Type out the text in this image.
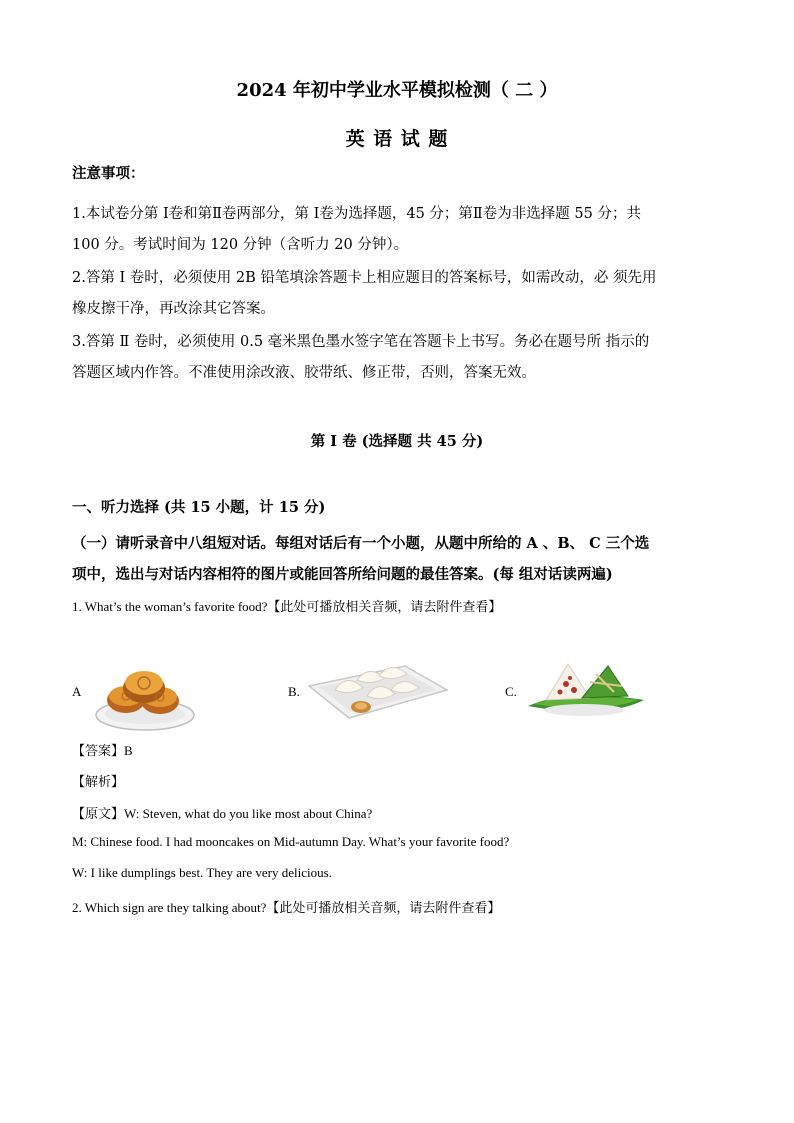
2024 年初中学业水平模拟检测（ 二 ）
英 语 试 题
注意事项：
1.本试卷分第 Ⅰ卷和第Ⅱ卷两部分，第 Ⅰ卷为选择题，45 分；第Ⅱ卷为非选择题 55 分；共
100 分。考试时间为 120 分钟（含听力 20 分钟）。
2.答第 Ⅰ 卷时，必须使用 2B 铅笔填涂答题卡上相应题目的答案标号，如需改动，必 须先用
橡皮擦干净，再改涂其它答案。
3.答第 Ⅱ 卷时，必须使用 0.5 毫米黑色墨水签字笔在答题卡上书写。务必在题号所 指示的
答题区域内作答。不准使用涂改液、胶带纸、修正带，否则，答案无效。
第 Ⅰ 卷 (选择题 共 45 分)
一、听力选择 (共 15 小题，计 15 分)
（一）请听录音中八组短对话。每组对话后有一个小题，从题中所给的 A 、B、 C 三个选
项中，选出与对话内容相符的图片或能回答所给问题的最佳答案。(每 组对话读两遍)
1. What’s the woman’s favorite food?【此处可播放相关音频，请去附件查看】
A	B.	C.
【答案】B
【解析】
【原文】W: Steven, what do you like most about China?
M: Chinese food. I had mooncakes on Mid-autumn Day. What’s your favorite food?
W: I like dumplings best. They are very delicious.
2. Which sign are they talking about?【此处可播放相关音频，请去附件查看】
